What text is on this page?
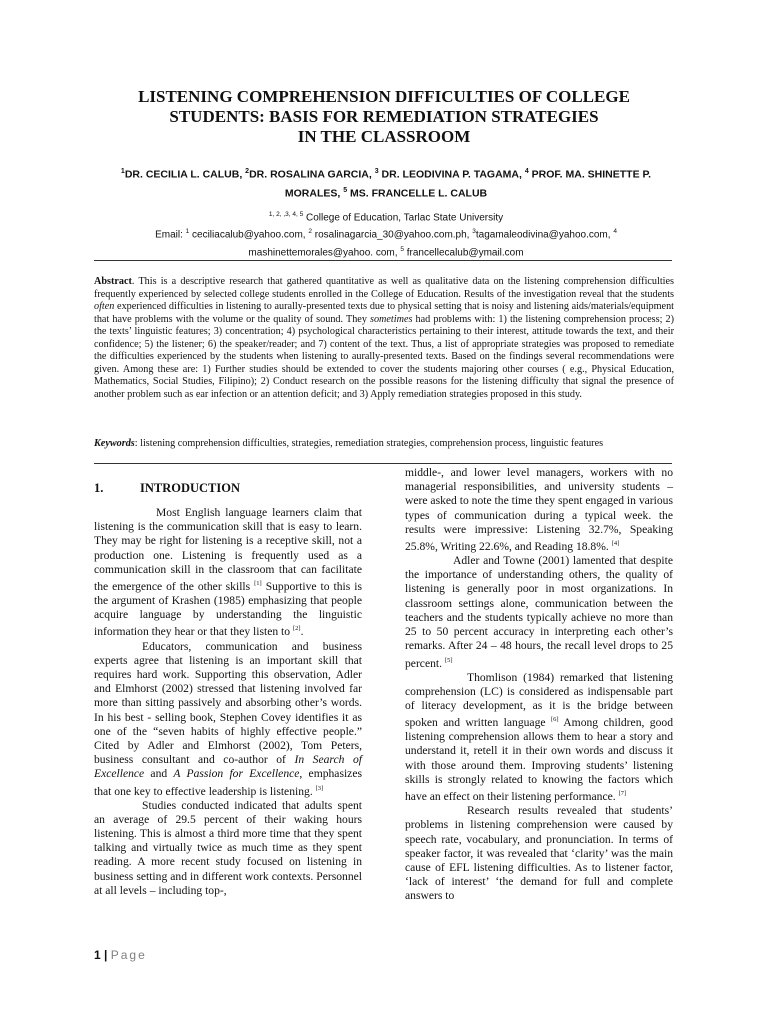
LISTENING COMPREHENSION DIFFICULTIES OF COLLEGE
STUDENTS: BASIS FOR REMEDIATION STRATEGIES
IN THE CLASSROOM
$^1$DR. CECILIA L. CALUB, $^2$DR. ROSALINA GARCIA, $^3$ DR. LEODIVINA P. TAGAMA, $^4$ PROF. MA. SHINETTE P. MORALES, $^5$ MS. FRANCELLE L. CALUB
$^{1, 2, ,3, 4, 5}$ College of Education, Tarlac State University
Email: $^1$ ceciliacalub@yahoo.com, $^2$ rosalinagarcia_30@yahoo.com.ph, $^3$tagamaleodivina@yahoo.com, $^4$ mashinettemorales@yahoo. com, $^5$ francellecalub@ymail.com

Abstract. This is a descriptive research that gathered quantitative as well as qualitative data on the listening comprehension difficulties frequently experienced by selected college students enrolled in the College of Education. Results of the investigation reveal that the students often experienced difficulties in listening to aurally-presented texts due to physical setting that is noisy and listening aids/materials/equipment that have problems with the volume or the quality of sound. They sometimes had problems with: 1) the listening comprehension process; 2) the texts’ linguistic features; 3) concentration; 4) psychological characteristics pertaining to their interest, attitude towards the text, and their confidence; 5) the listener; 6) the speaker/reader; and 7) content of the text. Thus, a list of appropriate strategies was proposed to remediate the difficulties experienced by the students when listening to aurally-presented texts. Based on the findings several recommendations were given. Among these are: 1) Further studies should be extended to cover the students majoring other courses ( e.g., Physical Education, Mathematics, Social Studies, Filipino); 2) Conduct research on the possible reasons for the listening difficulty that signal the presence of another problem such as ear infection or an attention deficit; and 3) Apply remediation strategies proposed in this study.

Keywords: listening comprehension difficulties, strategies, remediation strategies, comprehension process, linguistic features
1.	INTRODUCTION

Most English language learners claim that listening is the communication skill that is easy to learn. They may be right for listening is a receptive skill, not a production one. Listening is frequently used as a communication skill in the classroom that can facilitate the emergence of the other skills [1] Supportive to this is the argument of Krashen (1985) emphasizing that people acquire language by understanding the linguistic information they hear or that they listen to [2].

Educators, communication and business experts agree that listening is an important skill that requires hard work. Supporting this observation, Adler and Elmhorst (2002) stressed that listening involved far more than sitting passively and absorbing other’s words. In his best - selling book, Stephen Covey identifies it as one of the “seven habits of highly effective people.” Cited by Adler and Elmhorst (2002), Tom Peters, business consultant and co-author of In Search of Excellence and A Passion for Excellence, emphasizes that one key to effective leadership is listening. [3]

Studies conducted indicated that adults spent an average of 29.5 percent of their waking hours listening. This is almost a third more time that they spent talking and virtually twice as much time as they spent reading. A more recent study focused on listening in business setting and in different work contexts. Personnel at all levels – including top-,

middle-, and lower level managers, workers with no managerial responsibilities, and university students – were asked to note the time they spent engaged in various types of communication during a typical week. the results were impressive: Listening 32.7%, Speaking 25.8%, Writing 22.6%, and Reading 18.8%. [4]

Adler and Towne (2001) lamented that despite the importance of understanding others, the quality of listening is generally poor in most organizations. In classroom settings alone, communication between the teachers and the students typically achieve no more than 25 to 50 percent accuracy in interpreting each other’s remarks. After 24 – 48 hours, the recall level drops to 25 percent. [5]

Thomlison (1984) remarked that listening comprehension (LC) is considered as indispensable part of literacy development, as it is the bridge between spoken and written language [6] Among children, good listening comprehension allows them to hear a story and understand it, retell it in their own words and discuss it with those around them. Improving students’ listening skills is strongly related to knowing the factors which have an effect on their listening performance. [7]

Research results revealed that students’ problems in listening comprehension were caused by speech rate, vocabulary, and pronunciation. In terms of speaker factor, it was revealed that ‘clarity’ was the main cause of EFL listening difficulties. As to listener factor, ‘lack of interest’ ‘the demand for full and complete answers to

1 | Page
